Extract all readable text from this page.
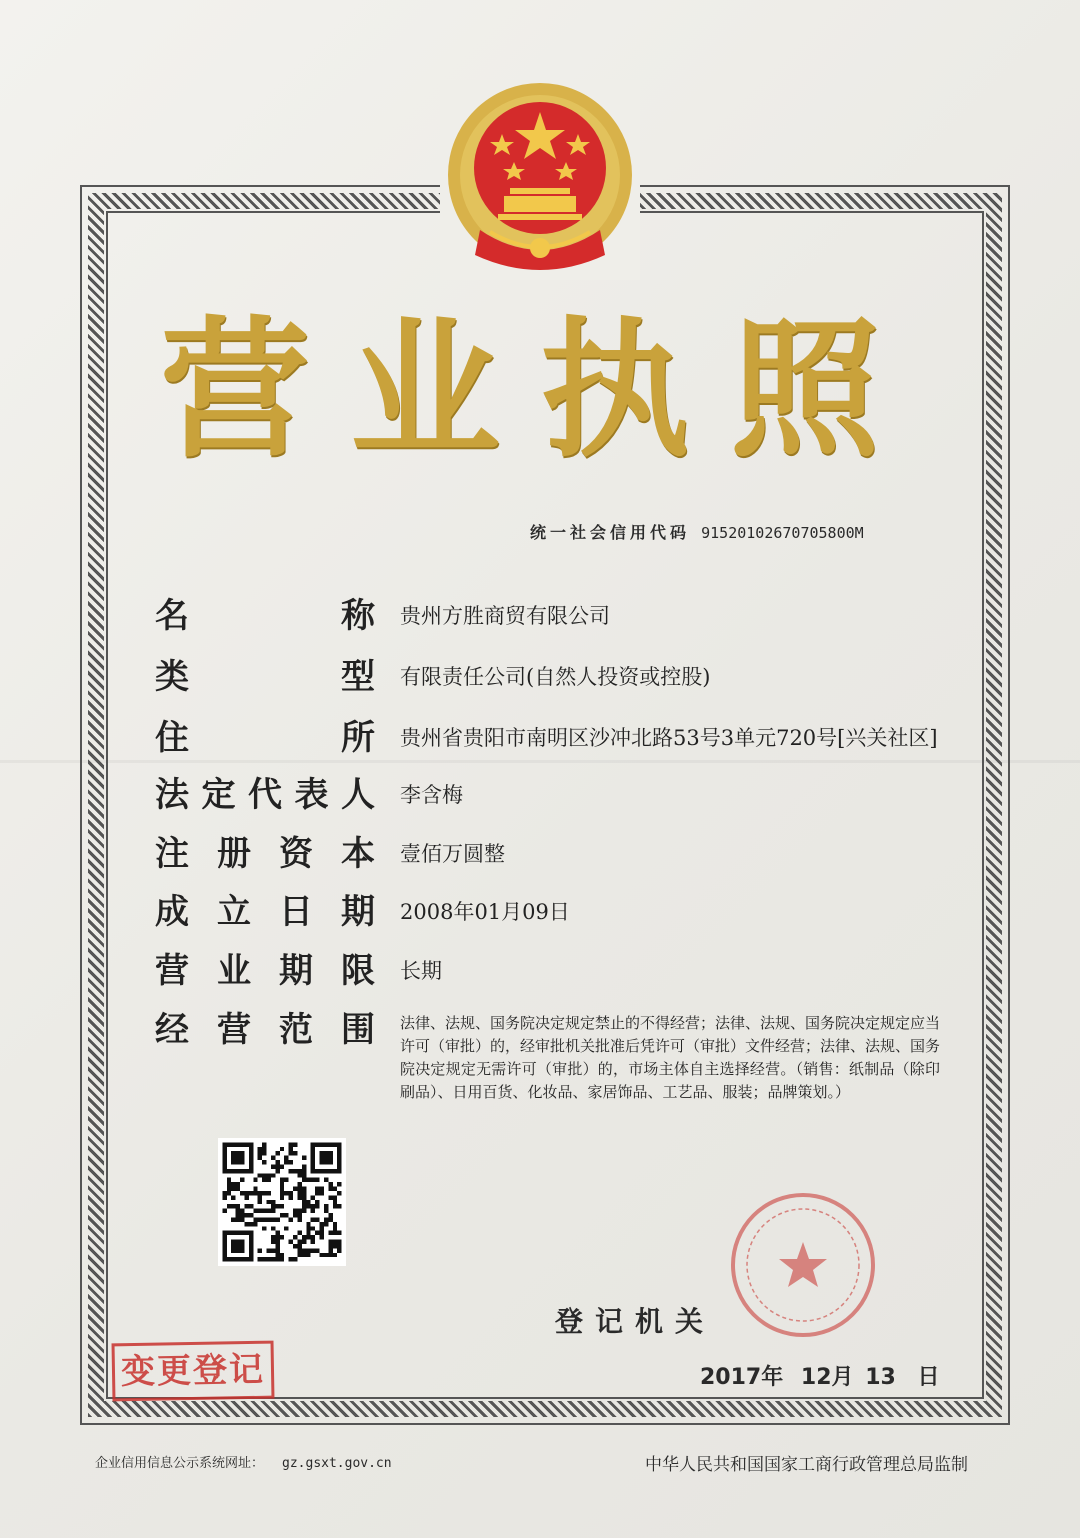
营业执照
统一社会信用代码 91520102670705800M
名称 贵州方胜商贸有限公司
类型 有限责任公司(自然人投资或控股)
住所 贵州省贵阳市南明区沙冲北路53号3单元720号[兴关社区]
法定代表人 李含梅
注册资本 壹佰万圆整
成立日期 2008年01月09日
营业期限 长期
经营范围 法律、法规、国务院决定规定禁止的不得经营；法律、法规、国务院决定规定应当许可（审批）的，经审批机关批准后凭许可（审批）文件经营；法律、法规、国务院决定规定无需许可（审批）的，市场主体自主选择经营。（销售：纸制品（除印刷品）、日用百货、化妆品、家居饰品、工艺品、服装；品牌策划。）
登记机关
2017年 12月 13 日
变更登记
企业信用信息公示系统网址： gz.gsxt.gov.cn	中华人民共和国国家工商行政管理总局监制
